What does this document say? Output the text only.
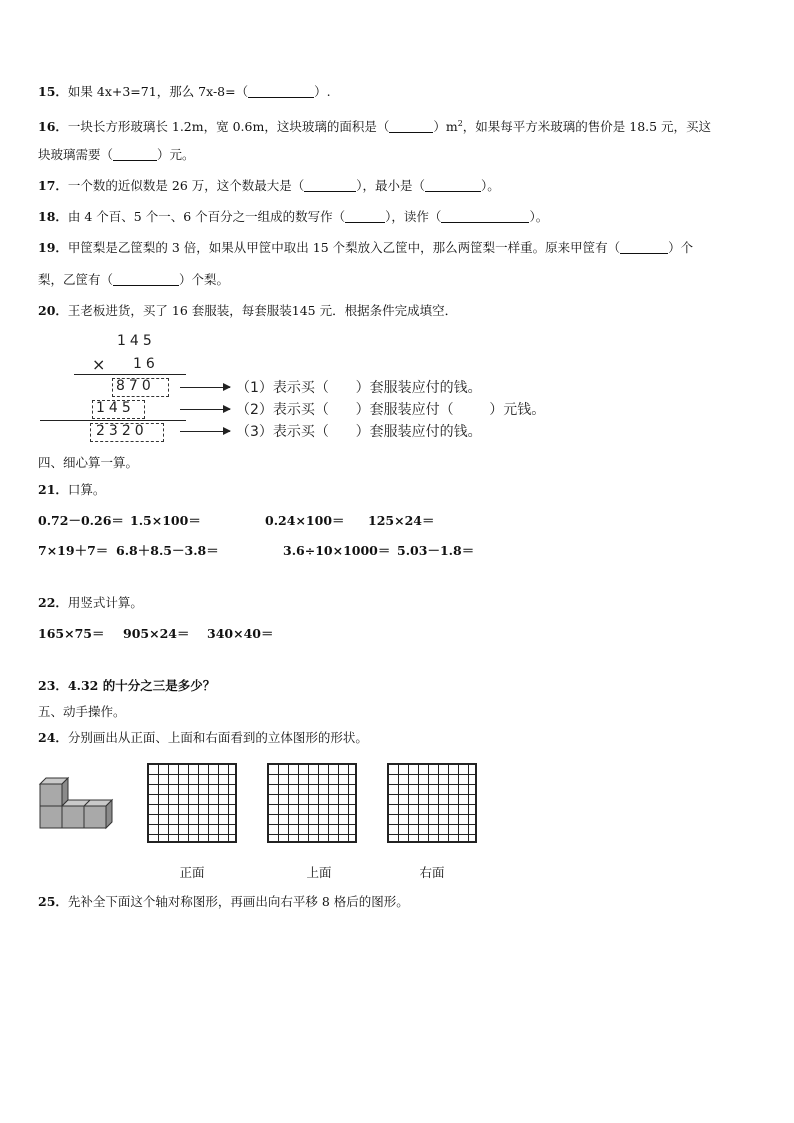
15．如果 4x+3=71，那么 7x-8=（	）.
16．一块长方形玻璃长 1.2m，宽 0.6m，这块玻璃的面积是（	）$m^2$，如果每平方米玻璃的售价是 18.5 元，买这
块玻璃需要（	）元。
17．一个数的近似数是 26 万，这个数最大是（	），最小是（	）。
18．由 4 个百、5 个一、6 个百分之一组成的数写作（	），读作（	）。
19．甲筐梨是乙筐梨的 3 倍，如果从甲筐中取出 15 个梨放入乙筐中，那么两筐梨一样重。原来甲筐有（	）个
梨，乙筐有（	）个梨。
20．王老板进货，买了 16 套服装，每套服装145 元．根据条件完成填空．
145
× 16
870	（1）表示买（      ）套服装应付的钱。
145	（2）表示买（      ）套服装应付（        ）元钱。
2320	（3）表示买（      ）套服装应付的钱。
四、细心算一算。
21．口算。
0.72－0.26＝ 1.5×100＝	0.24×100＝ 125×24＝
7×19＋7＝ 6.8＋8.5－3.8＝	3.6÷10×1000＝ 5.03－1.8＝
22．用竖式计算。
165×75＝ 905×24＝ 340×40＝
23．4.32 的十分之三是多少？
五、动手操作。
24．分别画出从正面、上面和右面看到的立体图形的形状。
正面	上面	右面
25．先补全下面这个轴对称图形，再画出向右平移 8 格后的图形。
